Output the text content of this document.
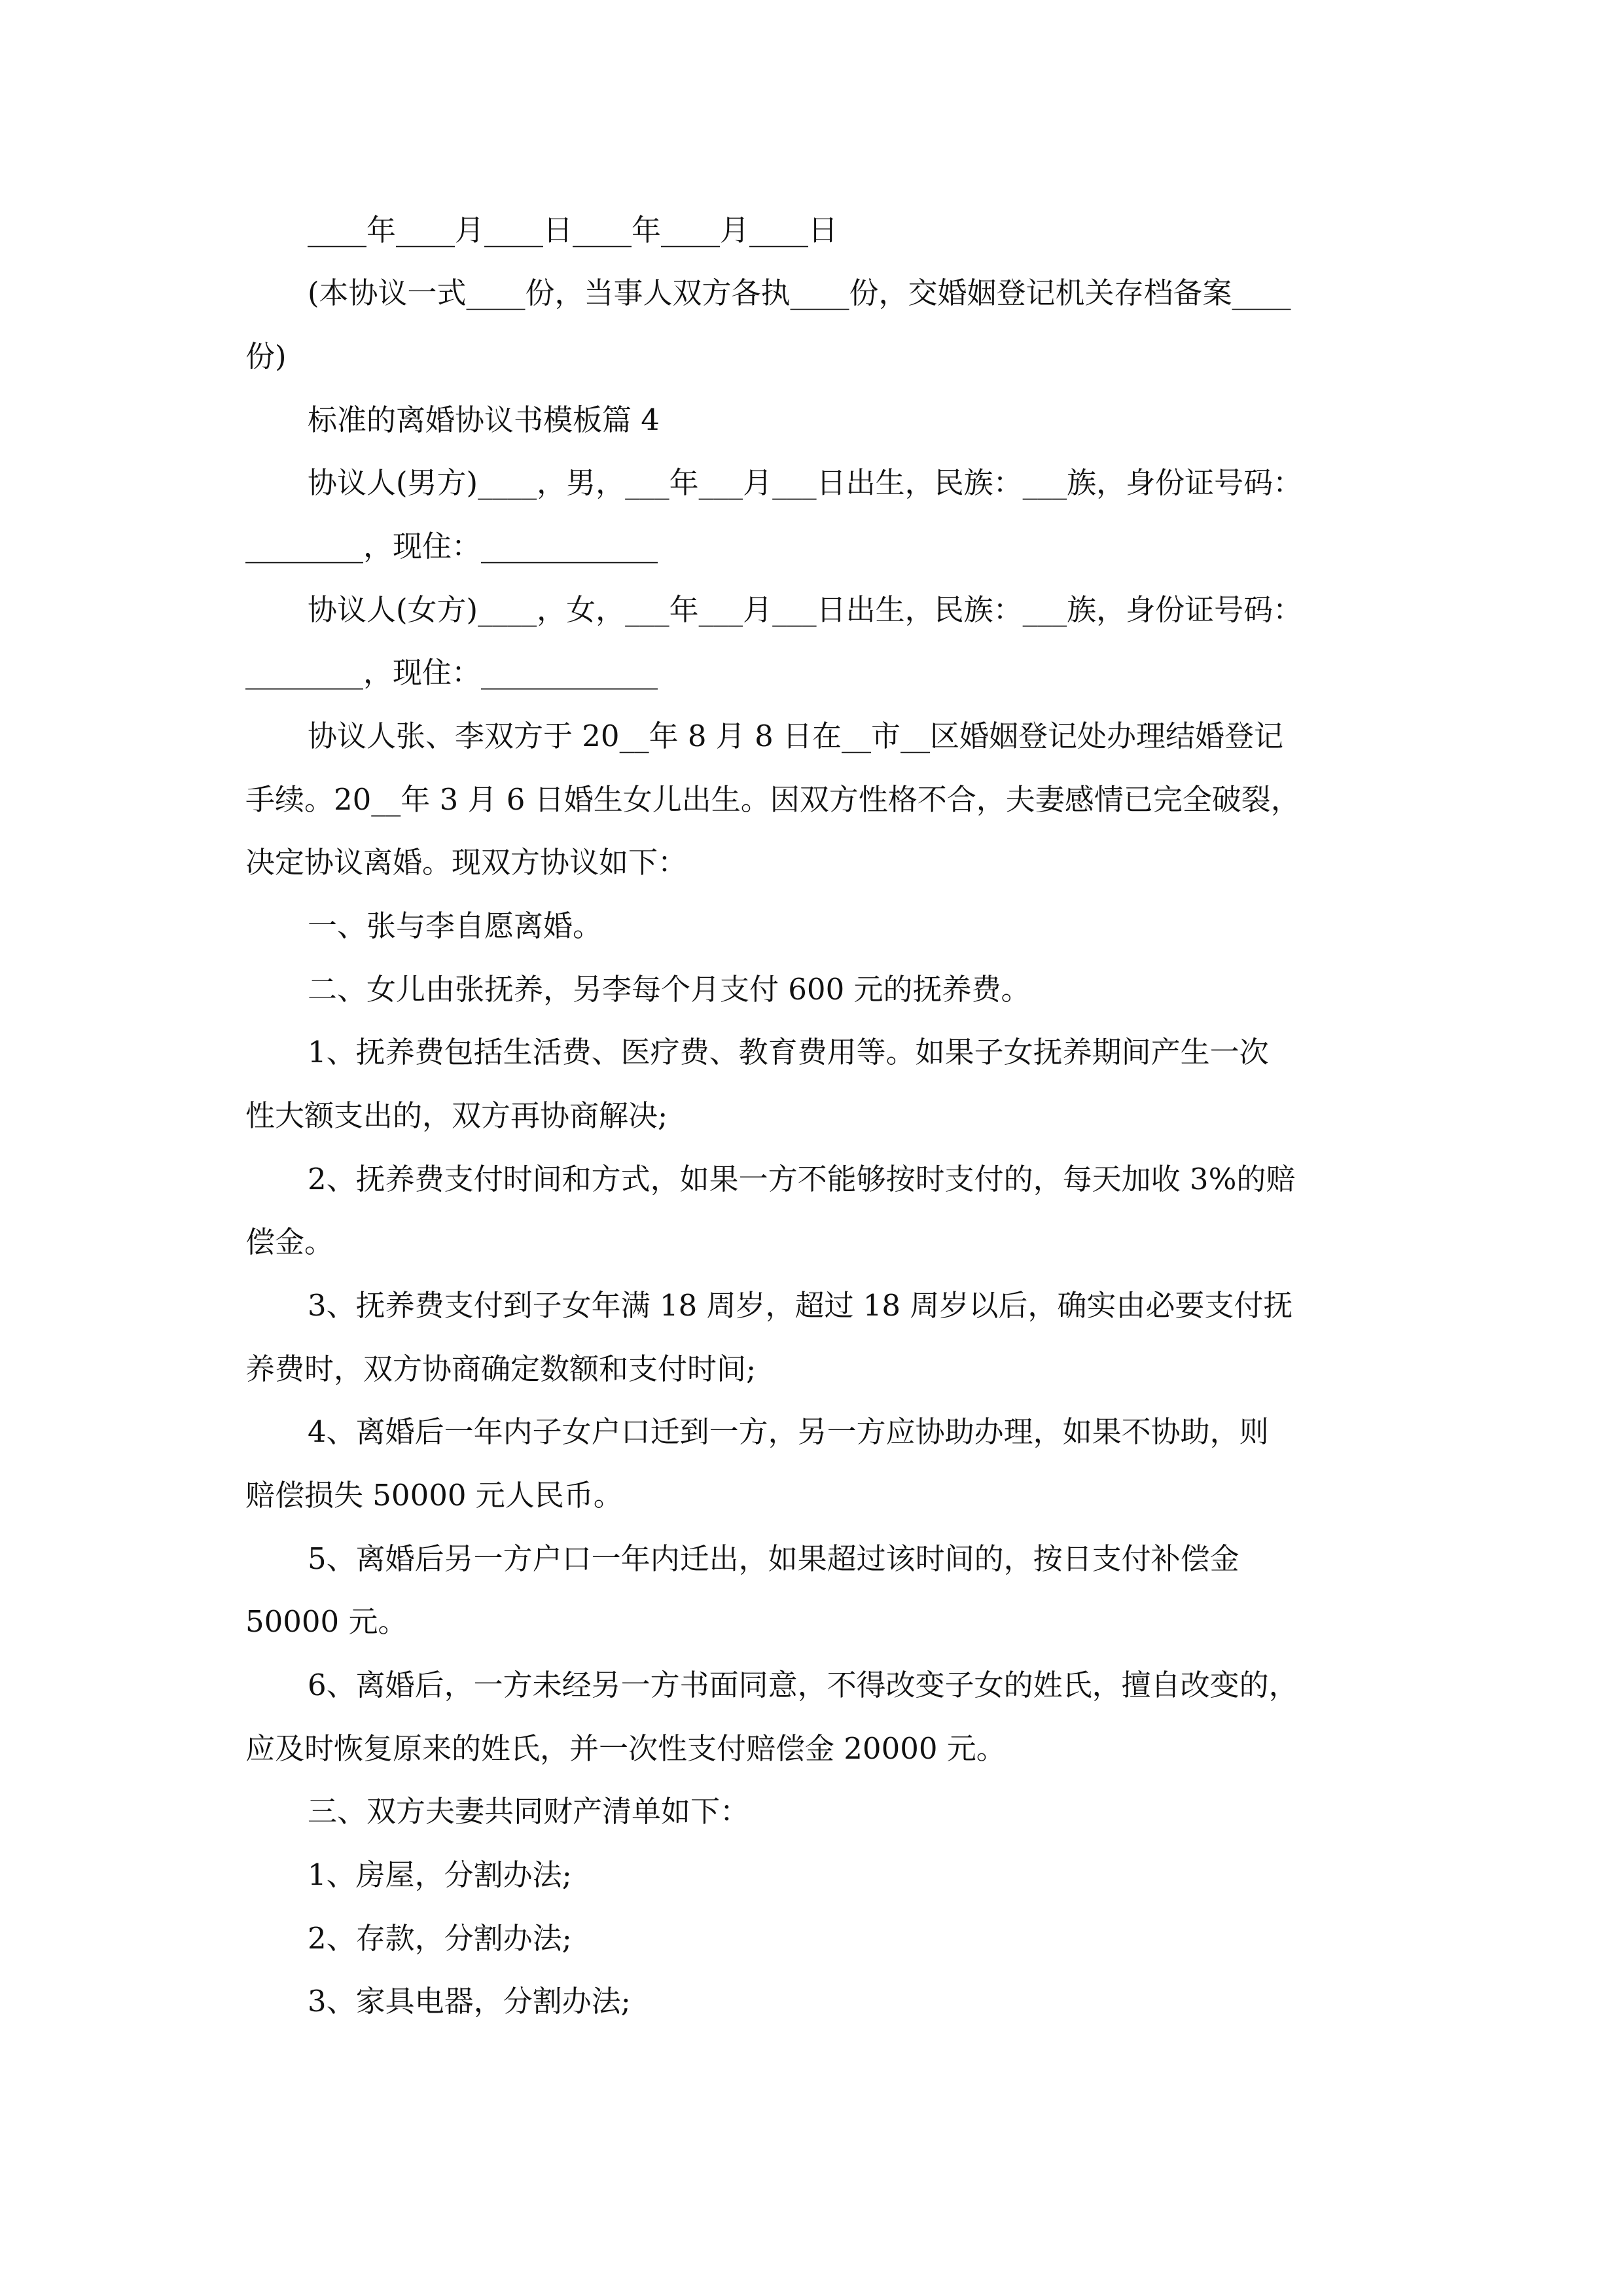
____年____月____日____年____月____日

(本协议一式____份，当事人双方各执____份，交婚姻登记机关存档备案____

份)

标准的离婚协议书模板篇 4

协议人(男方)____，男，___年___月___日出生，民族：___族，身份证号码：

________，现住：____________

协议人(女方)____，女，___年___月___日出生，民族：___族，身份证号码：

________，现住：____________

协议人张、李双方于 20__年 8 月 8 日在__市__区婚姻登记处办理结婚登记

手续。20__年 3 月 6 日婚生女儿出生。因双方性格不合，夫妻感情已完全破裂，

决定协议离婚。现双方协议如下：

一、张与李自愿离婚。

二、女儿由张抚养，另李每个月支付 600 元的抚养费。

1、抚养费包括生活费、医疗费、教育费用等。如果子女抚养期间产生一次

性大额支出的，双方再协商解决;

2、抚养费支付时间和方式，如果一方不能够按时支付的，每天加收 3%的赔

偿金。

3、抚养费支付到子女年满 18 周岁，超过 18 周岁以后，确实由必要支付抚

养费时，双方协商确定数额和支付时间;

4、离婚后一年内子女户口迁到一方，另一方应协助办理，如果不协助，则

赔偿损失 50000 元人民币。

5、离婚后另一方户口一年内迁出，如果超过该时间的，按日支付补偿金

50000 元。

6、离婚后，一方未经另一方书面同意，不得改变子女的姓氏，擅自改变的，

应及时恢复原来的姓氏，并一次性支付赔偿金 20000 元。

三、双方夫妻共同财产清单如下：

1、房屋，分割办法;

2、存款，分割办法;

3、家具电器，分割办法;
